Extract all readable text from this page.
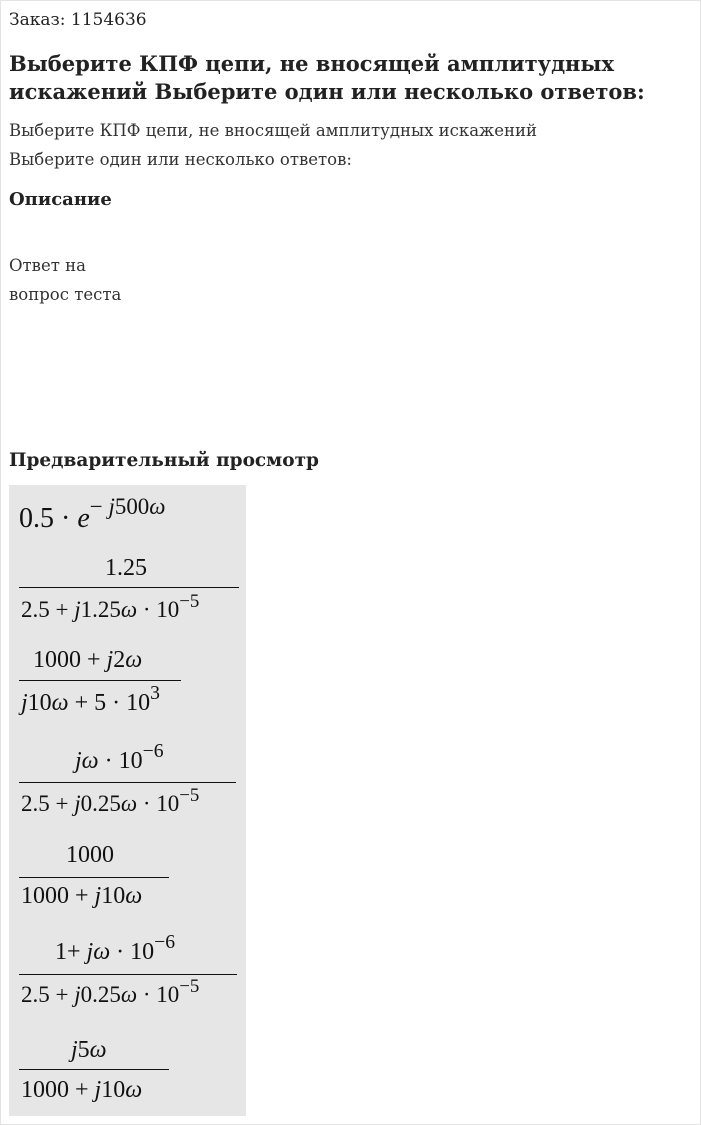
Заказ: 1154636
Выберите КПФ цепи, не вносящей амплитудных искажений Выберите один или несколько ответов:
Выберите КПФ цепи, не вносящей амплитудных искажений
Выберите один или несколько ответов:
Описание
Ответ на
вопрос теста
Предварительный просмотр
$0.5 \cdot e^{- j500\omega}$
1.25
$2.5 + j1.25\omega \cdot 10^{-5}$
1000 + j2ω
$j10\omega + 5 \cdot 10^3$
$j\omega \cdot 10^{-6}$
$2.5 + j0.25\omega \cdot 10^{-5}$
1000
1000 + j10ω
$1+ j\omega \cdot 10^{-6}$
$2.5 + j0.25\omega \cdot 10^{-5}$
j5ω
1000 + j10ω
